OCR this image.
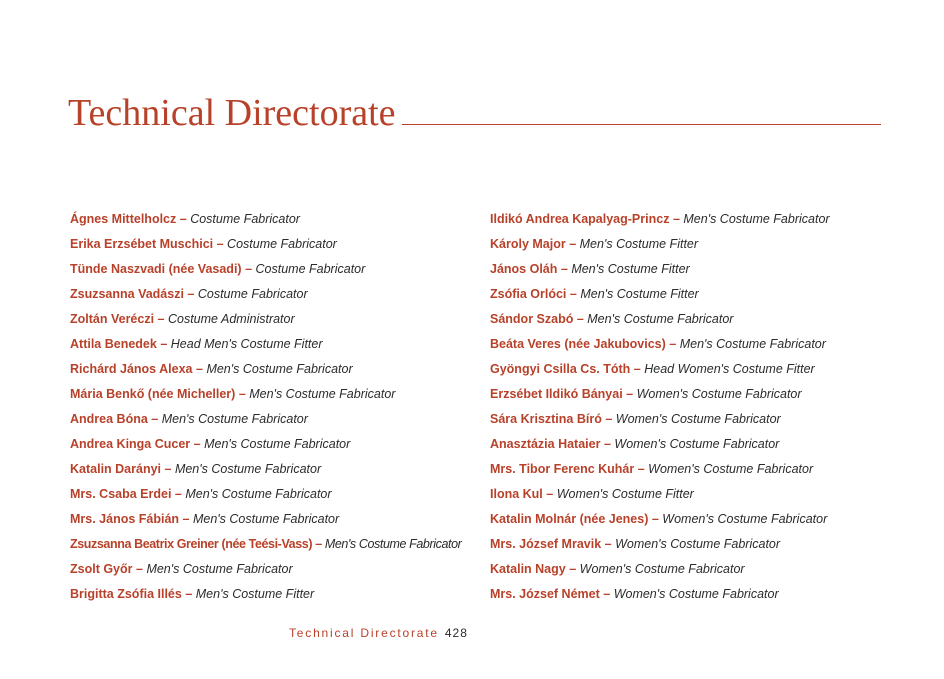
Technical Directorate
Ágnes Mittelholcz – Costume Fabricator
Erika Erzsébet Muschici – Costume Fabricator
Tünde Naszvadi (née Vasadi) – Costume Fabricator
Zsuzsanna Vadászi – Costume Fabricator
Zoltán Veréczi – Costume Administrator
Attila Benedek – Head Men's Costume Fitter
Richárd János Alexa – Men's Costume Fabricator
Mária Benkő (née Micheller) – Men's Costume Fabricator
Andrea Bóna – Men's Costume Fabricator
Andrea Kinga Cucer – Men's Costume Fabricator
Katalin Darányi – Men's Costume Fabricator
Mrs. Csaba Erdei – Men's Costume Fabricator
Mrs. János Fábián – Men's Costume Fabricator
Zsuzsanna Beatrix Greiner (née Teési-Vass) – Men's Costume Fabricator
Zsolt Győr – Men's Costume Fabricator
Brigitta Zsófia Illés – Men's Costume Fitter
Ildikó Andrea Kapalyag-Princz – Men's Costume Fabricator
Károly Major – Men's Costume Fitter
János Oláh – Men's Costume Fitter
Zsófia Orlóci – Men's Costume Fitter
Sándor Szabó – Men's Costume Fabricator
Beáta Veres (née Jakubovics) – Men's Costume Fabricator
Gyöngyi Csilla Cs. Tóth – Head Women's Costume Fitter
Erzsébet Ildikó Bányai – Women's Costume Fabricator
Sára Krisztina Bíró – Women's Costume Fabricator
Anasztázia Hataier – Women's Costume Fabricator
Mrs. Tibor Ferenc Kuhár – Women's Costume Fabricator
Ilona Kul – Women's Costume Fitter
Katalin Molnár (née Jenes) – Women's Costume Fabricator
Mrs. József Mravik – Women's Costume Fabricator
Katalin Nagy – Women's Costume Fabricator
Mrs. József Német – Women's Costume Fabricator
Technical Directorate 428
